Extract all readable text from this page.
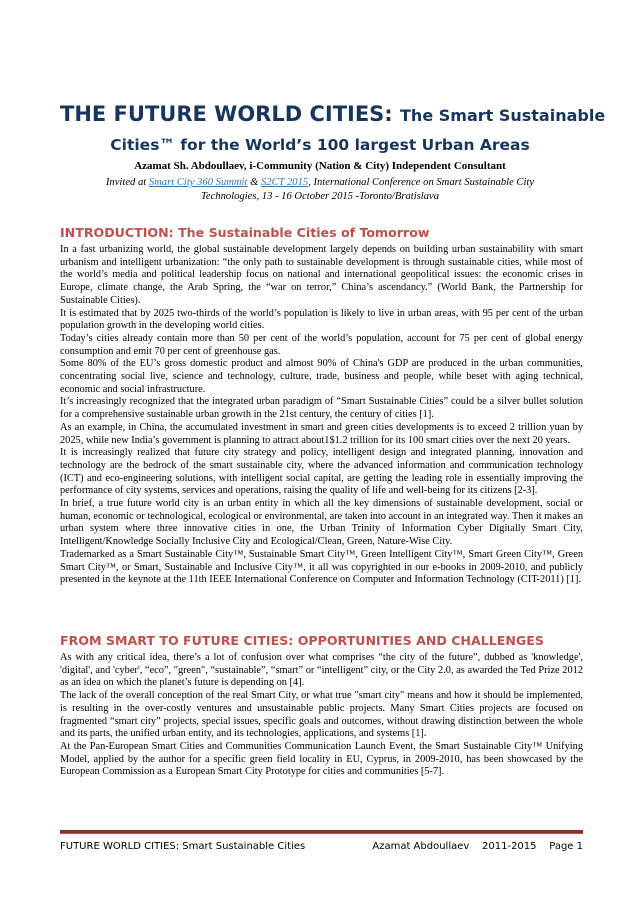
THE FUTURE WORLD CITIES: The Smart Sustainable
Cities™ for the World’s 100 largest Urban Areas
Azamat Sh. Abdoullaev, i-Community (Nation & City) Independent Consultant
Invited at Smart City 360 Summit & S2CT 2015, International Conference on Smart Sustainable City Technologies, 13 - 16 October 2015 -Toronto/Bratislava
INTRODUCTION: The Sustainable Cities of Tomorrow

In a fast urbanizing world, the global sustainable development largely depends on building urban sustainability with smart urbanism and intelligent urbanization: “the only path to sustainable development is through sustainable cities, while most of the world’s media and political leadership focus on national and international geopolitical issues: the economic crises in Europe, climate change, the Arab Spring, the “war on terror,” China’s ascendancy.” (World Bank, the Partnership for Sustainable Cities).

It is estimated that by 2025 two-thirds of the world’s population is likely to live in urban areas, with 95 per cent of the urban population growth in the developing world cities.

Today’s cities already contain more than 50 per cent of the world’s population, account for 75 per cent of global energy consumption and emit 70 per cent of greenhouse gas.

Some 80% of the EU’s gross domestic product and almost 90% of China's GDP are produced in the urban communities, concentrating social live, science and technology, culture, trade, business and people, while beset with aging technical, economic and social infrastructure.

It’s increasingly recognized that the integrated urban paradigm of “Smart Sustainable Cities” could be a silver bullet solution for a comprehensive sustainable urban growth in the 21st century, the century of cities [1].

As an example, in China, the accumulated investment in smart and green cities developments is to exceed 2 trillion yuan by 2025, while new India’s government is planning to attract about1$1.2 trillion for its 100 smart cities over the next 20 years.

It is increasingly realized that future city strategy and policy, intelligent design and integrated planning, innovation and technology are the bedrock of the smart sustainable city, where the advanced information and communication technology (ICT) and eco-engineering solutions, with intelligent social capital, are getting the leading role in essentially improving the performance of city systems, services and operations, raising the quality of life and well-being for its citizens [2-3].

In brief, a true future world city is an urban entity in which all the key dimensions of sustainable development, social or human, economic or technological, ecological or environmental, are taken into account in an integrated way. Then it makes an urban system where three innovative cities in one, the Urban Trinity of Information Cyber Digitally Smart City, Intelligent/Knowledge Socially Inclusive City and Ecological/Clean, Green, Nature-Wise City.

Trademarked as a Smart Sustainable City™, Sustainable Smart City™, Green Intelligent City™, Smart Green City™, Green Smart City™, or Smart, Sustainable and Inclusive City™, it all was copyrighted in our e-books in 2009-2010, and publicly presented in the keynote at the 11th IEEE International Conference on Computer and Information Technology (CIT-2011) [1].

FROM SMART TO FUTURE CITIES: OPPORTUNITIES AND CHALLENGES

As with any critical idea, there’s a lot of confusion over what comprises “the city of the future”, dubbed as 'knowledge', 'digital', and 'cyber', “eco”, "green", “sustainable”, “smart” or “intelligent” city, or the City 2.0, as awarded the Ted Prize 2012 as an idea on which the planet’s future is depending on [4].

The lack of the overall conception of the real Smart City, or what true "smart city" means and how it should be implemented, is resulting in the over-costly ventures and unsustainable public projects. Many Smart Cities projects are focused on fragmented “smart city” projects, special issues, specific goals and outcomes, without drawing distinction between the whole and its parts, the unified urban entity, and its technologies, applications, and systems [1].

At the Pan-European Smart Cities and Communities Communication Launch Event, the Smart Sustainable City™ Unifying Model, applied by the author for a specific green field locality in EU, Cyprus, in 2009-2010, has been showcased by the European Commission as a European Smart City Prototype for cities and communities [5-7].

FUTURE WORLD CITIES: Smart Sustainable Cities	Azamat Abdoullaev 2011-2015 Page 1
